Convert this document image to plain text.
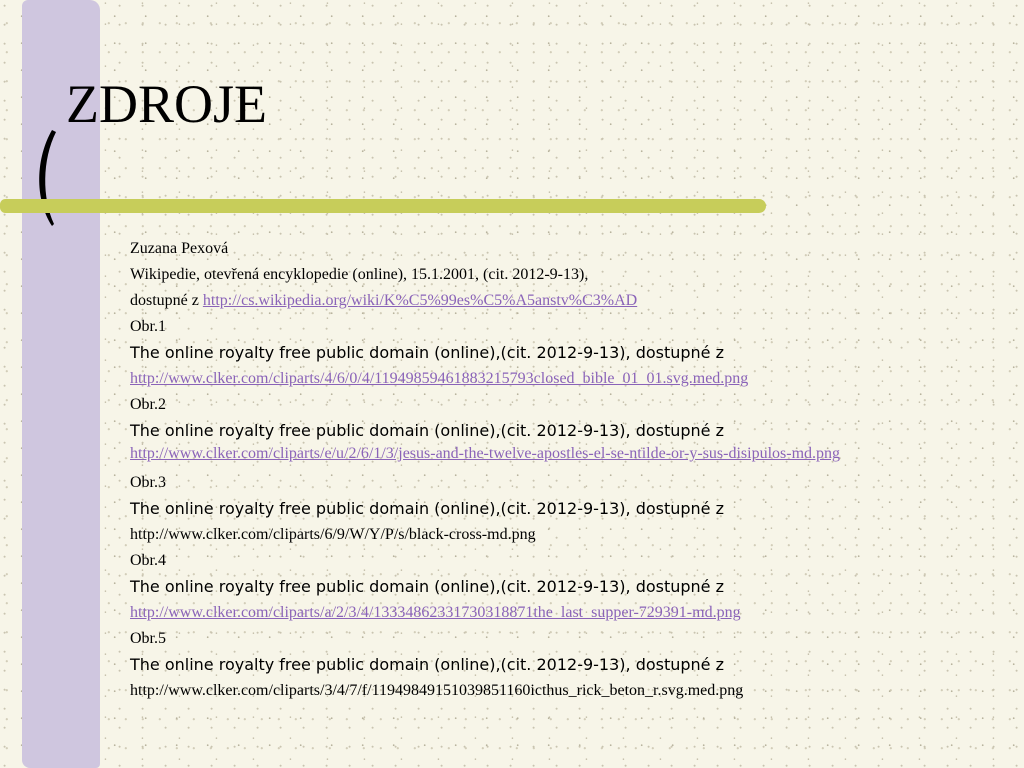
ZDROJE

Zuzana Pexová

Wikipedie, otevřená encyklopedie (online), 15.1.2001, (cit. 2012-9-13),

dostupné z http://cs.wikipedia.org/wiki/K%C5%99es%C5%A5anstv%C3%AD

Obr.1

The online royalty free public domain (online),(cit. 2012-9-13), dostupné z

http://www.clker.com/cliparts/4/6/0/4/11949859461883215793closed_bible_01_01.svg.med.png

Obr.2

The online royalty free public domain (online),(cit. 2012-9-13), dostupné z

http://www.clker.com/cliparts/e/u/2/6/1/3/jesus-and-the-twelve-apostles-el-se-ntilde-or-y-sus-disipulos-md.png

Obr.3

The online royalty free public domain (online),(cit. 2012-9-13), dostupné z

http://www.clker.com/cliparts/6/9/W/Y/P/s/black-cross-md.png

Obr.4

The online royalty free public domain (online),(cit. 2012-9-13), dostupné z

http://www.clker.com/cliparts/a/2/3/4/13334862331730318871the_last_supper-729391-md.png

Obr.5

The online royalty free public domain (online),(cit. 2012-9-13), dostupné z

http://www.clker.com/cliparts/3/4/7/f/11949849151039851160icthus_rick_beton_r.svg.med.png
